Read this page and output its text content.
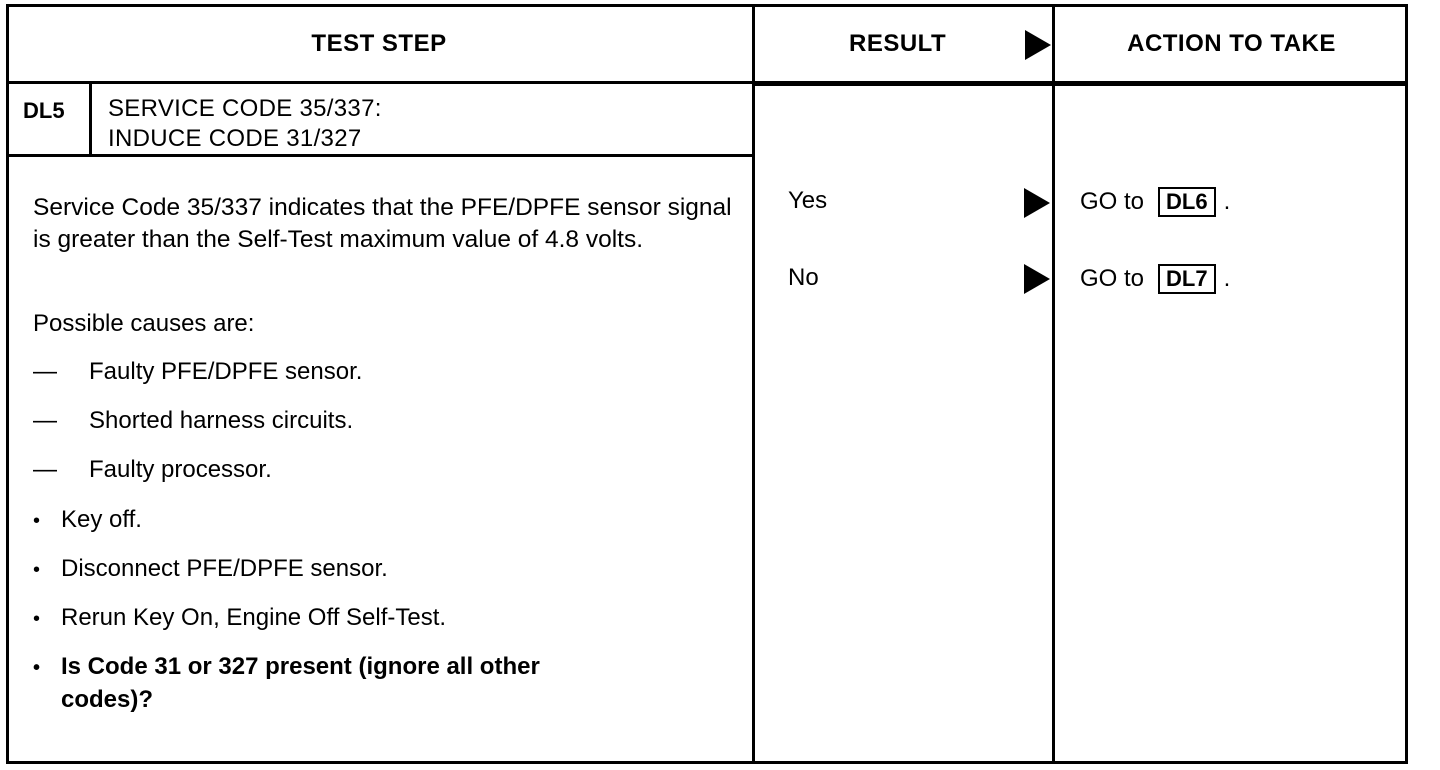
TEST STEP	RESULT	ACTION TO TAKE
DL5	SERVICE CODE 35/337:
INDUCE CODE 31/327
Service Code 35/337 indicates that the PFE/DPFE sensor signal is greater than the Self-Test maximum value of 4.8 volts.
Possible causes are:
— Faulty PFE/DPFE sensor.
— Shorted harness circuits.
— Faulty processor.
• Key off.
• Disconnect PFE/DPFE sensor.
• Rerun Key On, Engine Off Self-Test.
• Is Code 31 or 327 present (ignore all other
codes)?
Yes	GO to	DL6 .
No	GO to	DL7 .
